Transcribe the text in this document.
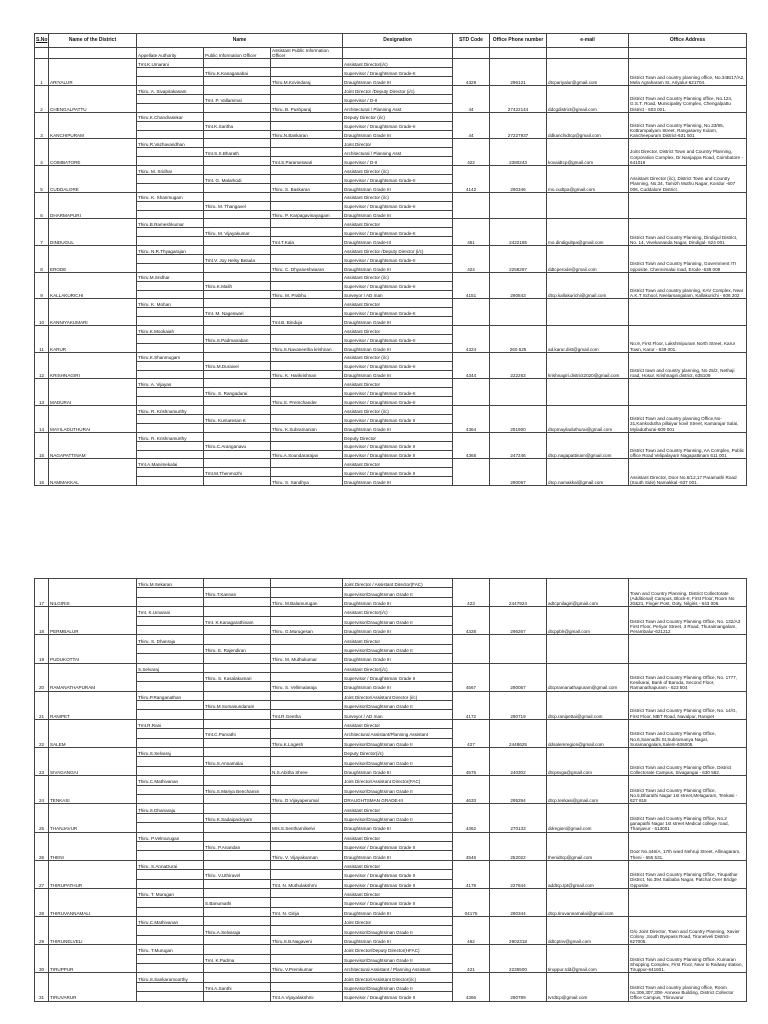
S.No	Name of the District	Name			Designation	STD Code	Office Phone number	e-mail	Office Address
		Appellate Authority	Public Information Officer	Assistant Public Information Officer					
1	ARIYALUR	Tmt.K.Umarani			Assistant Director(i/c)	4329	296121	dtcpariyalur@gmail.com	District Town and country planning office, No.34B/17/A2, Mela Agraharam St, Ariyalur-621704.
			Thiru.K.Kanagasabai		Supervisor / Draughtsman Grade-II				
				Thiru.M.Kovindaraj	Draughtsman Grade III				
2	CHENGALPATTU	Thiru. A. Sivapirakasam			Joint Director /Deputy Director (i/c)	44	27422144	ddcgdistrict@gmail.com	District Town and Country Planning office, No.124, G.S.T. Road, Municipality Complex, Chengalpattu District - 603 001.
			Tmt. P. Vallammal		Supervisor / D-II				
				Thiru. B. Pushparaj	Architectural / Planning Asst				
3	KANCHIPURAM	Thiru.K.Chandrasekar			Deputy Director (i/c)	44	27227937	ddkanchidtcp@gmail.com	District Town and Country Planning, No.33/95, Kottrampalyam Street, Rangasamy Kulam, Kancheepuram District-631 501
			Tmt.K.Saritha		Supervisor / Draughtsman Grade-II				
				Thiru.N.Baskaran	Draughtsman Grade III				
4	COIMBATORE	Thiru.R.Vazhavandhan			Joint Director	422	2380243	kovaidtcp@gmail.com	Joint Director, District Town and Country Planning, Corporation Complex, Dr.Nanjappa Road, Coimbatore - 641018
			Tmt.S.S.Bharath		Architectural / Planning Asst				
				Tmt.S.Parameswari	Supervisor / D-II				
5	CUDDALORE	Thiru. M. Sridhar			Assistant Director (i/c)	4142	290346	mo.cudtpa@gmail.com	Assistant Director (i/c), District Town and Country Planning, No.34, Tamizh Muthu Nagar, Kondur -607 006, Cuddalore District.
			Tmt. G. Malarkodi		Supervisor / Draughtsman Grade-II				
				Thiru. S. Baskaran	Draughtsman Grade III				
6	DHARMAPURI	Thiru. K. Shanmugam			Assistant Director (i/c)				
			Thiru. M. Thangavel		Supervisor / Draughtsman Grade-II				
				Thiru. P. Karpagavinayagam	Draughtsman Grade III				
7	DINDUGUL	Thiru.B.Rameshkumar			Assistant Director	451	2422165	mo.dindigultpa@gmail.com	District Town and Country Planning, Dindigul District, No. 14, Vivekananda Nagar, Dindigul- 624 001
			Thiru. M. Vijayakumar		Supervisor / Draughtsman Grade-II				
				Tmt.T.Kala	Draughtsman Grade-III				
8	ERODE	Thiru. N.R.Thyagarajan			Assistant Director /Deputy Director (i/c)	424	2258297	ddtcperode@gmail.com	District Town and Country Planning, Government ITI opposite, Chennimalai road, Erode -638 009
			Tmt.V. Joy Helsy Beaula		Supervisor / Draughtsman Grade-II				
				Thiru. C. Dhyaneshwaran	Draughtsman Grade III				
9	KALLAKURICHI	Thiru.M.Sridhar			Assistant Director (i/c)	4151	290843	dtcp.kallakurichi@gmail.com	District Town and country planning, KAV Complex, Near A.K.T School, Neelamangalam, Kallakurichi - 606 202
			Thiru.K.Malih		Supervisor / Draughtsman Grade-II				
				Thiru. M. Prabhu	Surveyor / AD man				
10	KANNIYAKUMARI	Thiru. K. Mohan			Assistant Director				
			Tmt. M. Nageswari		Supervisor / Draughtsman Grade-II				
				Tmt.B. Binduja	Draughtsman Grade III				
11	KARUR	Thiru.K.Mookaiah			Assistant Director	4324	260 625	ad.karur.dist@gmail.com	No.9, First Floor, Lakshmipuram North Street, Karur Town, Karur - 639 001.
			Thiru.S.Padmanaban		Supervisor / Draughtsman Grade-II				
				Thiru.S.Navaneetha krishnan	Draughtsman Grade III				
12	KRISHNAGIRI	Thiru.K.Shanmugam			Assistant Director (i/c)	4344	222263	krishnagiri.district2020@gmail.com	District town and country planning, No 25/2, Nethaji road, Hosur, Krishnagiri district, 635109
			Thiru.M.Duraivel		Supervisor / Draughtsman Grade-II				
				Thiru. K. Harikrishnan	Draughtsman Grade III				
13	MADURAI	Thiru. A. Vijayan			Assistant Director				
			Thiru. S. Rangadurai		Supervisor / Draughtsman Grade-II				
				Thiru.S. Premchander	Supervisor / Draughtsman Grade-II				
14	MAYILADUTHURAI	Thiru. R. Krishnamurthy			Assistant Director (i/c)	4364	291900	dtcpmayiladuthurai@gmail.com	District Town and country planning Office,No-31,Kankodutha pillaiyar kovil Street, Kamarajar Salai, Myladuthurai-609 001
			Thiru. Kumaresan K		Supervisor / Draughtsman Grade II				
				Thiru. K.Subramanian	Draughtsman Grade III				
15	NAGAPATTINAM	Thiru. R. Krishnamurthy			Deputy Director	4365	247246	dtcp.nagapattinam@gmail.com	District Town and Country Planning, AA Complex, Public office Road Velipalayam Nagapattinam 611 001
			Thiru.C.Aranganavu		Supervisor / Draughtsman Grade II				
				Thiru.A.Soundararajan	Supervisor / Draughtsman Grade II				
16	NAMMAKKAL	Tmt.A.Manimekalai			Assistant Director		290067	dtcp.namakkal@gmail.com	Assistant Director, Door No.6/12,17 Paramathi Road (South Side) Namakkal -637 001.
			Tmt.M.Thenmozhi		Supervisor / Draughtsman Grade II				
				Thiru. S. Sandhya	Draughtsman Grade III				
17	NILGIRIS	Thiru.M.Sekaran			Joint Director / Assistant Director(FAC)	423	2447924	adtcpnilagiri@gmail.com	Town and Country Planning, District Collectorate (Additional) Campus, Block-II, First Floor, Room No 20&21, Finger Post, Ooty, Nilgiris - 643 006.
			Thiru.T.Kannan		Supervisor/Draughtsman Grade II				
				Thiru. M.Balamurugan	Draughtsman Grade III				
18	PERMBALUR	Tmt. K.Umarani			Assistant Director(i/c)	4328	296267	dtcppblr@gmail.com	District Town and Country Planning Office, No. 132/A3 First Floor, Periyar Street, 3 Road, Thuraimangalam, Perambalur-621212
			Tmt. K.Kanagarathinam		Supervisor/Draughtsman Grade II				
				Thiru. G.Murugesan	Draughtsman Grade III				
19	PUDUKOTTAI	Thiru. S. Dhanraju			Assistant Director				
			Thiru. E. Rajendiran		Supervisor/Draughtsman Grade II				
				Thiru. M. Muthukumar	Draughtsman Grade III				
20	RAMANATHAPURAM	S.Selvaraj			Assistant Director(i/c)	4567	290057	dtcpramanathapuram@gmail.com	District Town and Country Planning Office, No. 1777, Kenikarai, Bank of Baroda, Second Floor, Ramanathapuram - 623 504
			Thiru. S. Kusalakumari		Supervisor / Draughtsman Grade II				
				Thiru. S. Vellimalaraja	Draughtsman Grade III				
21	RANIPET	Thiru.P.Ranganathan			Joint Director/Assistant Director (i/c)	4172	290719	dtcp.ranipettai@gmail.com	District Town and Country Planning Office, No. 14/G, First Floor, MBT Road, Navalpur, Ranipet
			Thiru.M.Somasundaram		Supervisor/Draughtsman Grade II				
				Tmt.R.Geetha	Surveyor / AD man				
22	SALEM	Tmt.R.Rani			Assistant Director	427	2448625	ddsalemregion@gmail.com	District Town and Country Planning Office, No.6,Sannadhi St,Subramanya Nagar, Suramangalam,Salem-636005.
			Tmt.C.Parvathi		Architectural Assistant/Planning Assistant				
				Thiru.K.Logesh	Supervisor/Draughtsman Grade II				
23	SIVAGANGAI	Thiru.S.Selvaraj			Deputy Director(i/c)	4575	240302	dtcpsvga@gmail.com	District Town and Country Planning Office, District Collectorate Campus, Sivagangai - 630 562.
			Thiru.S.Annamalai		Supervisor/Draughtsman Grade II				
				N.S.Abitha Shree	Draughtsman Grade III				
24	TENKASI	Thiru.C.Mathivanan			Joint Director/Assistant Director(FAC)	4633	295294	dtcp.tenkasi@gmail.com	District Town and Country Planning Office, No.5,Bharathi Nagar 1st street,Melagaram, Tenkasi - 627 818
			Thiru.S.Mariya Benchamin		Supervisor/Draughtsman Grade II				
				Thiru. D.Vijayaperumal	DRAUGHTSMAN GRADE-III				
25	THANJAVUR	Thiru.S.Dhanaraju			Assistant Director	4362	270133	ddregion@gmail.com	District Town and Country Planning Office, No.2 ganapathi Nagar 1st street Medical college road, Thanjavur - 613001
			Thiru.K.Sadaipackiyam		Supervisor/Draughtsman Grade II				
				Mrs.S.Senthamilselvi	Draughtsman Grade III				
26	THENI	Thiru. P.Velmurugan			Assistant Director	4546	252022	thenidtcp@gmail.com	Door No.446/A, 17th ward Nehruji Street, Allinagaram, Theni - 655 531.
			Thiru. P.Anandan		Supervisor / Draughtsman Grade II				
				Thiru. V. Vijayakannan	Draughtsman Grade III				
27	THIRUPATHUR	Thiru. S.AnnaDurai			Assistant Director	4179	227844	addtcp.tpt@gmail.com	District Town and Country Planning Office, Tirupathur District, No.394 Saibaba Nagar, Patchal Over Bridge Opposite.
			Thiru. V.Uthiravel		Supervisor / Draughtsman Grade II				
				Tmt. N. Muthulakshmi	Supervisor / Draughtsman Grade II				
28	THIRUVANNAMALI	Thiru. T. Murugan			Assistant Director	04175	290344	dtcp.tiruvannamalai@gmail.com	
			S.Banumathi		Supervisor / Draughtsman Grade II				
				Tmt. N. Girija	Draughtsman Grade III				
29	THIRUNELVELI	Thiru.C.Mathivanan			Joint Director	462	2902318	ddtcptnv@gmail.com	O/o Joint Director, Town and Country Planning, Xavier Colony ,South Byepass Road, Tirunelveli District-627005.
			Thiru.A.Selvaraja		Supervisor/Draughtsman Grade II				
				Thiru.S.B.Nagaveni	Draughtsman Grade III				
30	TIRUPPUR	Thiru. T.Murugan			Joint Director/Deputy Director(HFAC)	421	2235500	tiruppur.rdd@gmail.com	District Town and Country Planning Office, Kumaran Shopping Complex, First Floor, Near to Railway station, Tiruppur-641601.
			Tmt. K.Padma		Supervisor/Draughtsman Grade II				
				Thiru. V.Premkumar	Architectural Assistant / Planning Assistant				
31	TIRUVARUR	Thiru.S.Sankaramoorthy			Joint Director/Assistant Director(i/c)	4366	290799	tvrdtcp@gmail.com	District Town and country planning office, Room no.306,307,308- Annexe Building, District Collector Office Campus, Thiruvarur
			Tmt.A.Santhi		Supervisor/Draughtsman Grade II				
				Tmt.A.Vijayalakshmi	Supervisor / Draughtsman Grade II				
